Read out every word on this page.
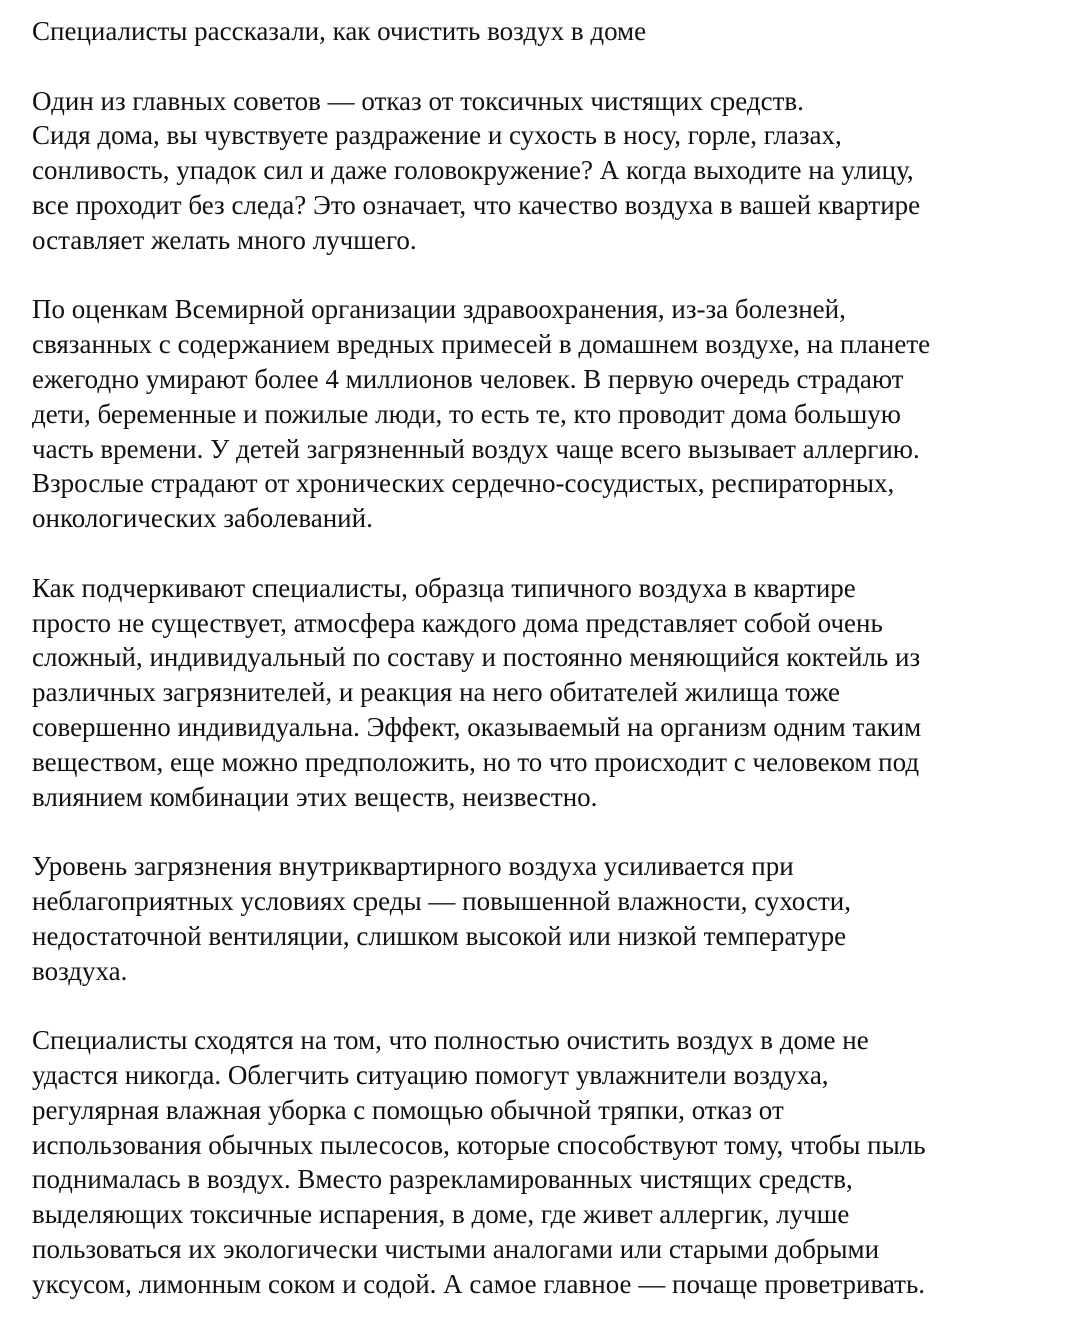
Специалисты рассказали, как очистить воздух в доме

Один из главных советов — отказ от токсичных чистящих средств.
Сидя дома, вы чувствуете раздражение и сухость в носу, горле, глазах,
сонливость, упадок сил и даже головокружение? А когда выходите на улицу,
все проходит без следа? Это означает, что качество воздуха в вашей квартире
оставляет желать много лучшего.

По оценкам Всемирной организации здравоохранения, из-за болезней,
связанных с содержанием вредных примесей в домашнем воздухе, на планете
ежегодно умирают более 4 миллионов человек. В первую очередь страдают
дети, беременные и пожилые люди, то есть те, кто проводит дома большую
часть времени. У детей загрязненный воздух чаще всего вызывает аллергию.
Взрослые страдают от хронических сердечно-сосудистых, респираторных,
онкологических заболеваний.

Как подчеркивают специалисты, образца типичного воздуха в квартире
просто не существует, атмосфера каждого дома представляет собой очень
сложный, индивидуальный по составу и постоянно меняющийся коктейль из
различных загрязнителей, и реакция на него обитателей жилища тоже
совершенно индивидуальна. Эффект, оказываемый на организм одним таким
веществом, еще можно предположить, но то что происходит с человеком под
влиянием комбинации этих веществ, неизвестно.

Уровень загрязнения внутриквартирного воздуха усиливается при
неблагоприятных условиях среды — повышенной влажности, сухости,
недостаточной вентиляции, слишком высокой или низкой температуре
воздуха.

Специалисты сходятся на том, что полностью очистить воздух в доме не
удастся никогда. Облегчить ситуацию помогут увлажнители воздуха,
регулярная влажная уборка с помощью обычной тряпки, отказ от
использования обычных пылесосов, которые способствуют тому, чтобы пыль
поднималась в воздух. Вместо разрекламированных чистящих средств,
выделяющих токсичные испарения, в доме, где живет аллергик, лучше
пользоваться их экологически чистыми аналогами или старыми добрыми
уксусом, лимонным соком и содой. А самое главное — почаще проветривать.
